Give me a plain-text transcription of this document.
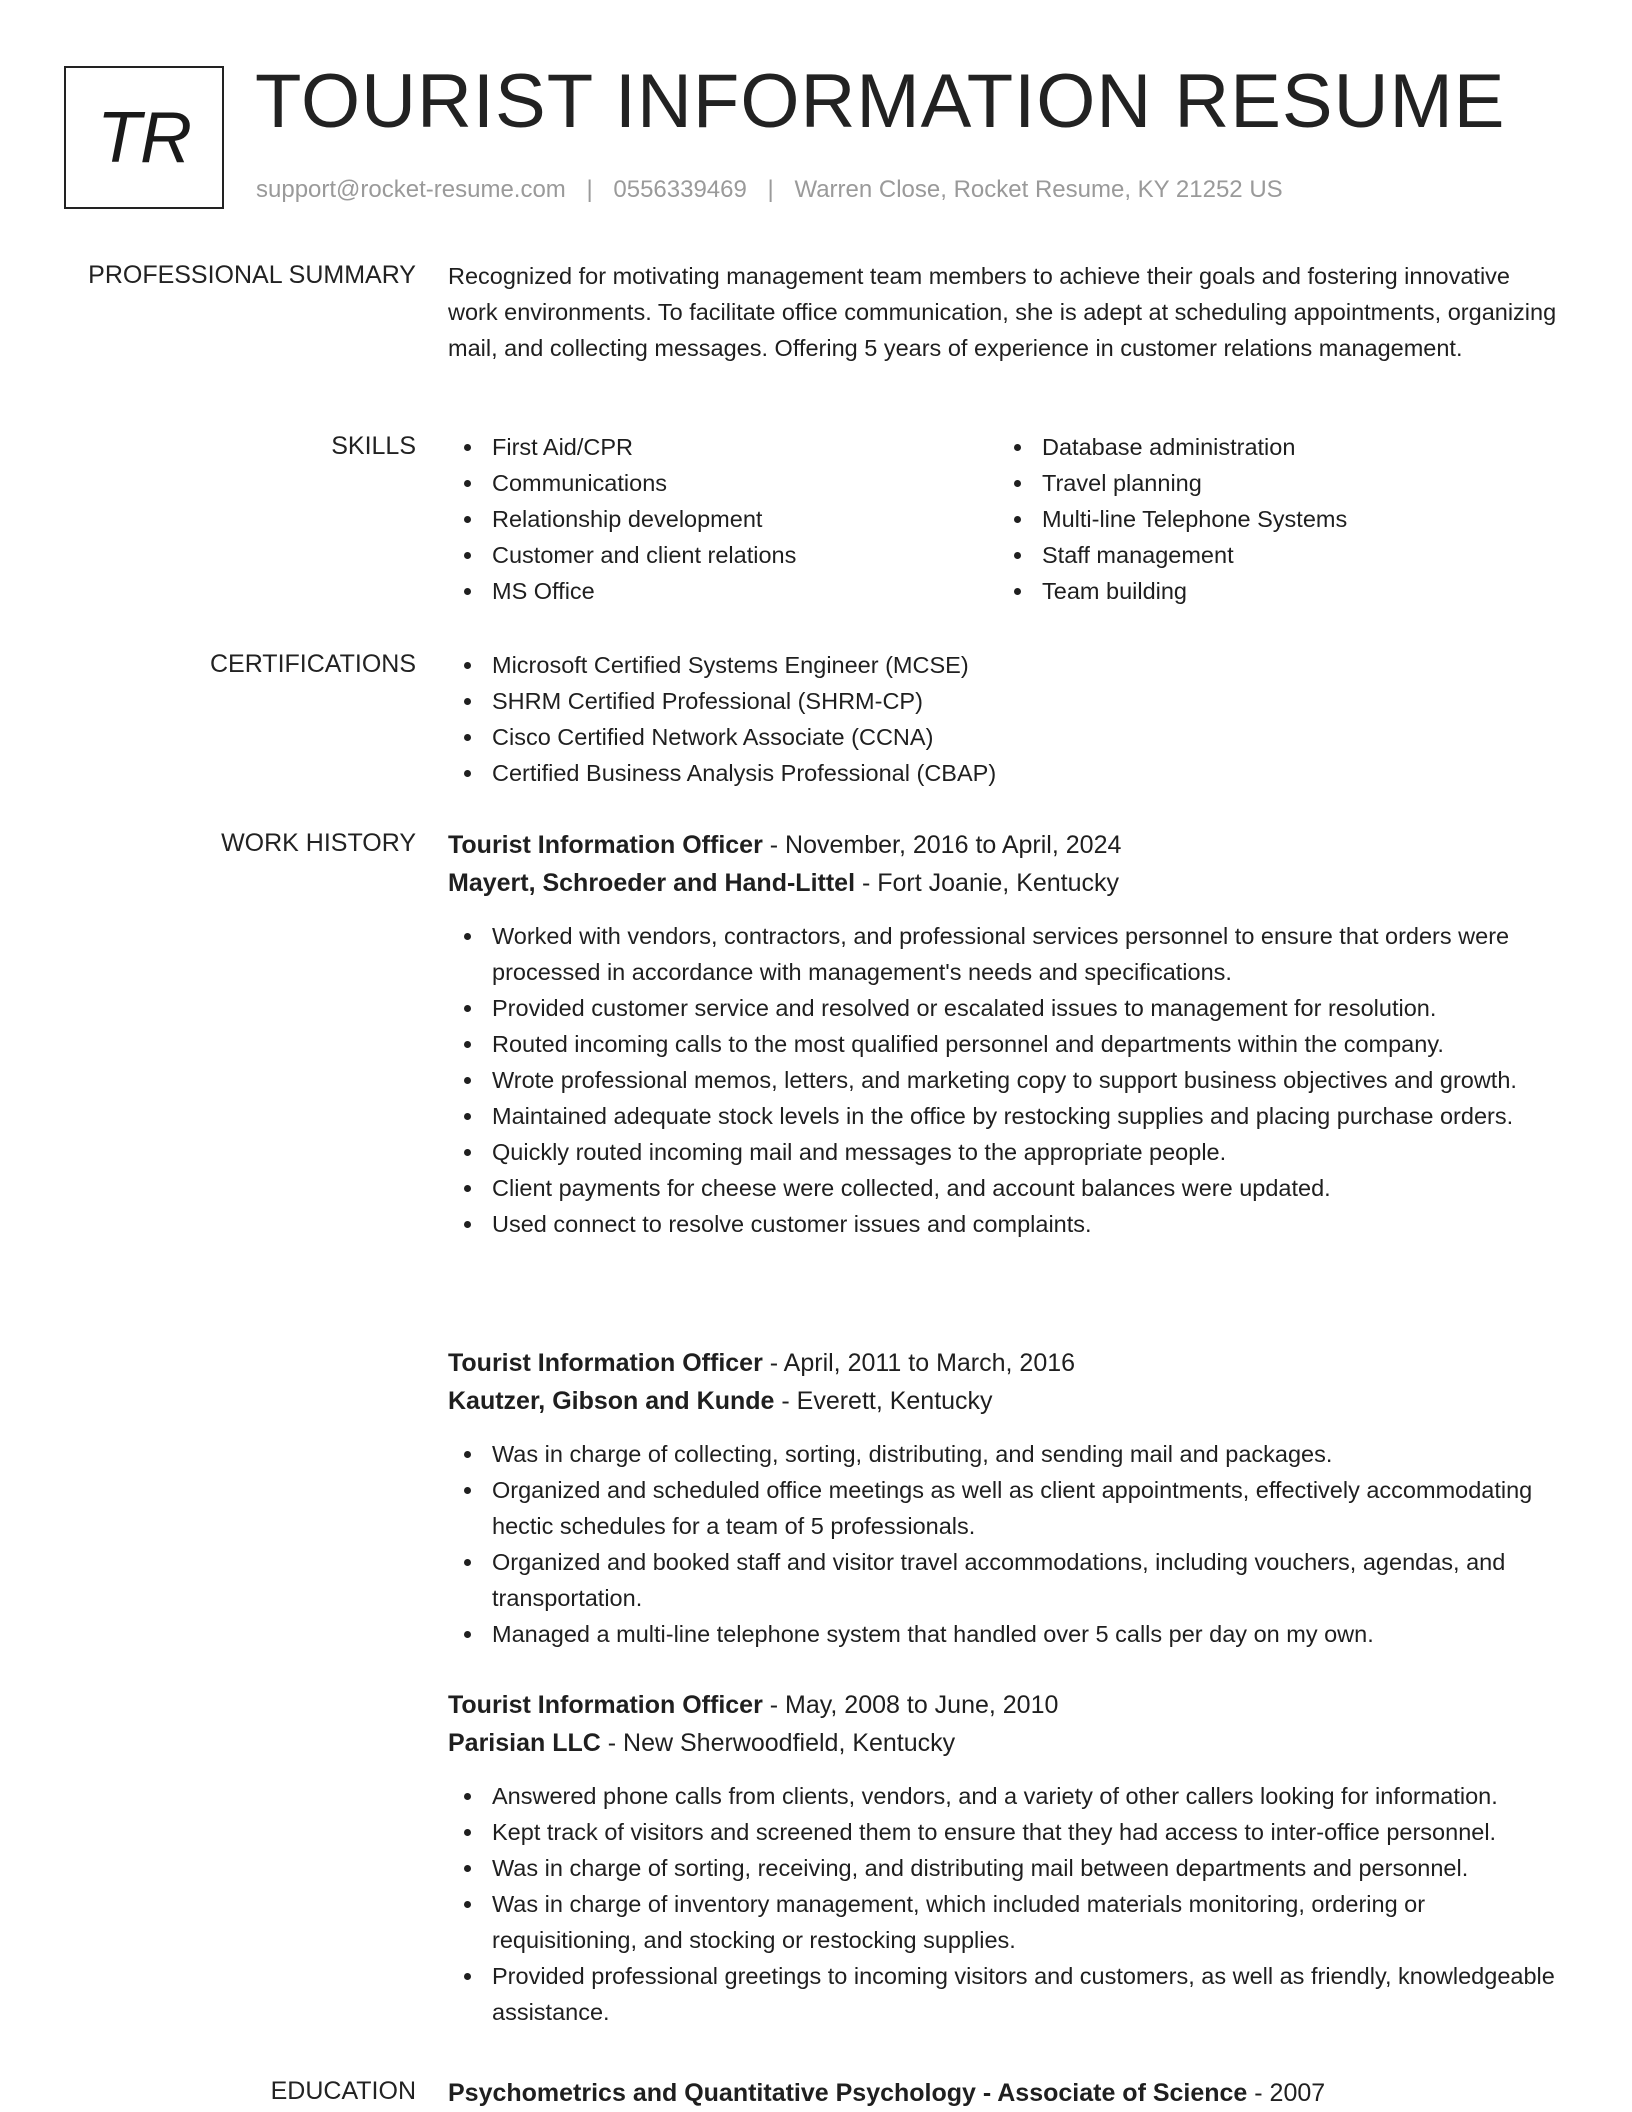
TR TOURIST INFORMATION RESUME
support@rocket-resume.com | 0556339469 | Warren Close, Rocket Resume, KY 21252 US
PROFESSIONAL SUMMARY Recognized for motivating management team members to achieve their goals and fostering innovative work environments. To facilitate office communication, she is adept at scheduling appointments, organizing mail, and collecting messages. Offering 5 years of experience in customer relations management.
SKILLS	First Aid/CPR
Communications
Relationship development
Customer and client relations
MS Office
Database administration
Travel planning
Multi-line Telephone Systems
Staff management
Team building
CERTIFICATIONS	Microsoft Certified Systems Engineer (MCSE)
SHRM Certified Professional (SHRM-CP)
Cisco Certified Network Associate (CCNA)
Certified Business Analysis Professional (CBAP)
WORK HISTORY Tourist Information Officer - November, 2016 to April, 2024
Mayert, Schroeder and Hand-Littel - Fort Joanie, Kentucky
Worked with vendors, contractors, and professional services personnel to ensure that orders were processed in accordance with management's needs and specifications.
Provided customer service and resolved or escalated issues to management for resolution.
Routed incoming calls to the most qualified personnel and departments within the company.
Wrote professional memos, letters, and marketing copy to support business objectives and growth.
Maintained adequate stock levels in the office by restocking supplies and placing purchase orders.
Quickly routed incoming mail and messages to the appropriate people.
Client payments for cheese were collected, and account balances were updated.
Used connect to resolve customer issues and complaints.
Tourist Information Officer - April, 2011 to March, 2016
Kautzer, Gibson and Kunde - Everett, Kentucky
Was in charge of collecting, sorting, distributing, and sending mail and packages.
Organized and scheduled office meetings as well as client appointments, effectively accommodating hectic schedules for a team of 5 professionals.
Organized and booked staff and visitor travel accommodations, including vouchers, agendas, and transportation.
Managed a multi-line telephone system that handled over 5 calls per day on my own.
Tourist Information Officer - May, 2008 to June, 2010
Parisian LLC - New Sherwoodfield, Kentucky
Answered phone calls from clients, vendors, and a variety of other callers looking for information.
Kept track of visitors and screened them to ensure that they had access to inter-office personnel.
Was in charge of sorting, receiving, and distributing mail between departments and personnel.
Was in charge of inventory management, which included materials monitoring, ordering or requisitioning, and stocking or restocking supplies.
Provided professional greetings to incoming visitors and customers, as well as friendly, knowledgeable assistance.
EDUCATION Psychometrics and Quantitative Psychology - Associate of Science - 2007
